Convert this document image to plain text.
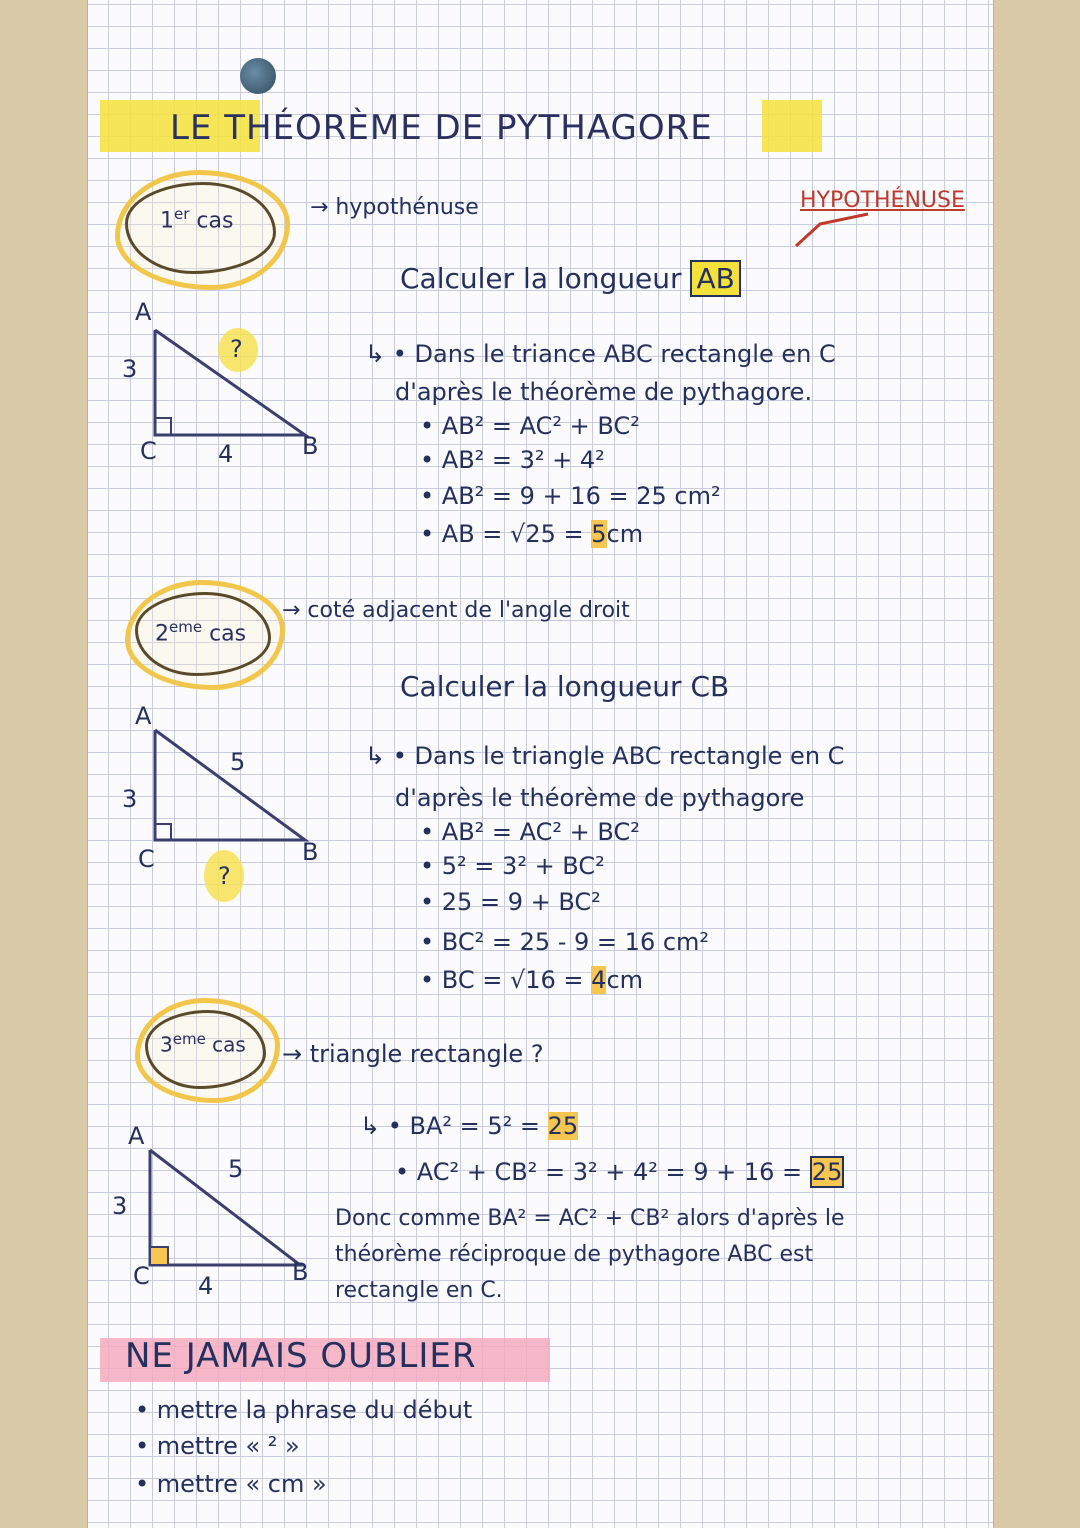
LE THÉORÈME DE PYTHAGORE
1er cas
→ hypothénuse	HYPOTHÉNUSE
Calculer la longueur AB
A
3
C	4
?
B
↳ • Dans le triance ABC rectangle en C
d'après le théorème de pythagore.
• AB² = AC² + BC²
• AB² = 3² + 4²
• AB² = 9 + 16 = 25 cm²
• AB = √25 = 5cm
2eme cas
→ coté adjacent de l'angle droit
Calculer la longueur CB
A
3
C
?
5
B
↳ • Dans le triangle ABC rectangle en C
d'après le théorème de pythagore
• AB² = AC² + BC²
• 5² = 3² + BC²
• 25 = 9 + BC²
• BC² = 25 - 9 = 16 cm²
• BC = √16 = 4cm
3eme cas → triangle rectangle ?
A
3
C 4
5
B
↳ • BA² = 5² = 25
• AC² + CB² = 3² + 4² = 9 + 16 = 25
Donc comme BA² = AC² + CB² alors d'après le
théorème réciproque de pythagore ABC est
rectangle en C.
NE JAMAIS OUBLIER
• mettre la phrase du début
• mettre « ² »
• mettre « cm »
